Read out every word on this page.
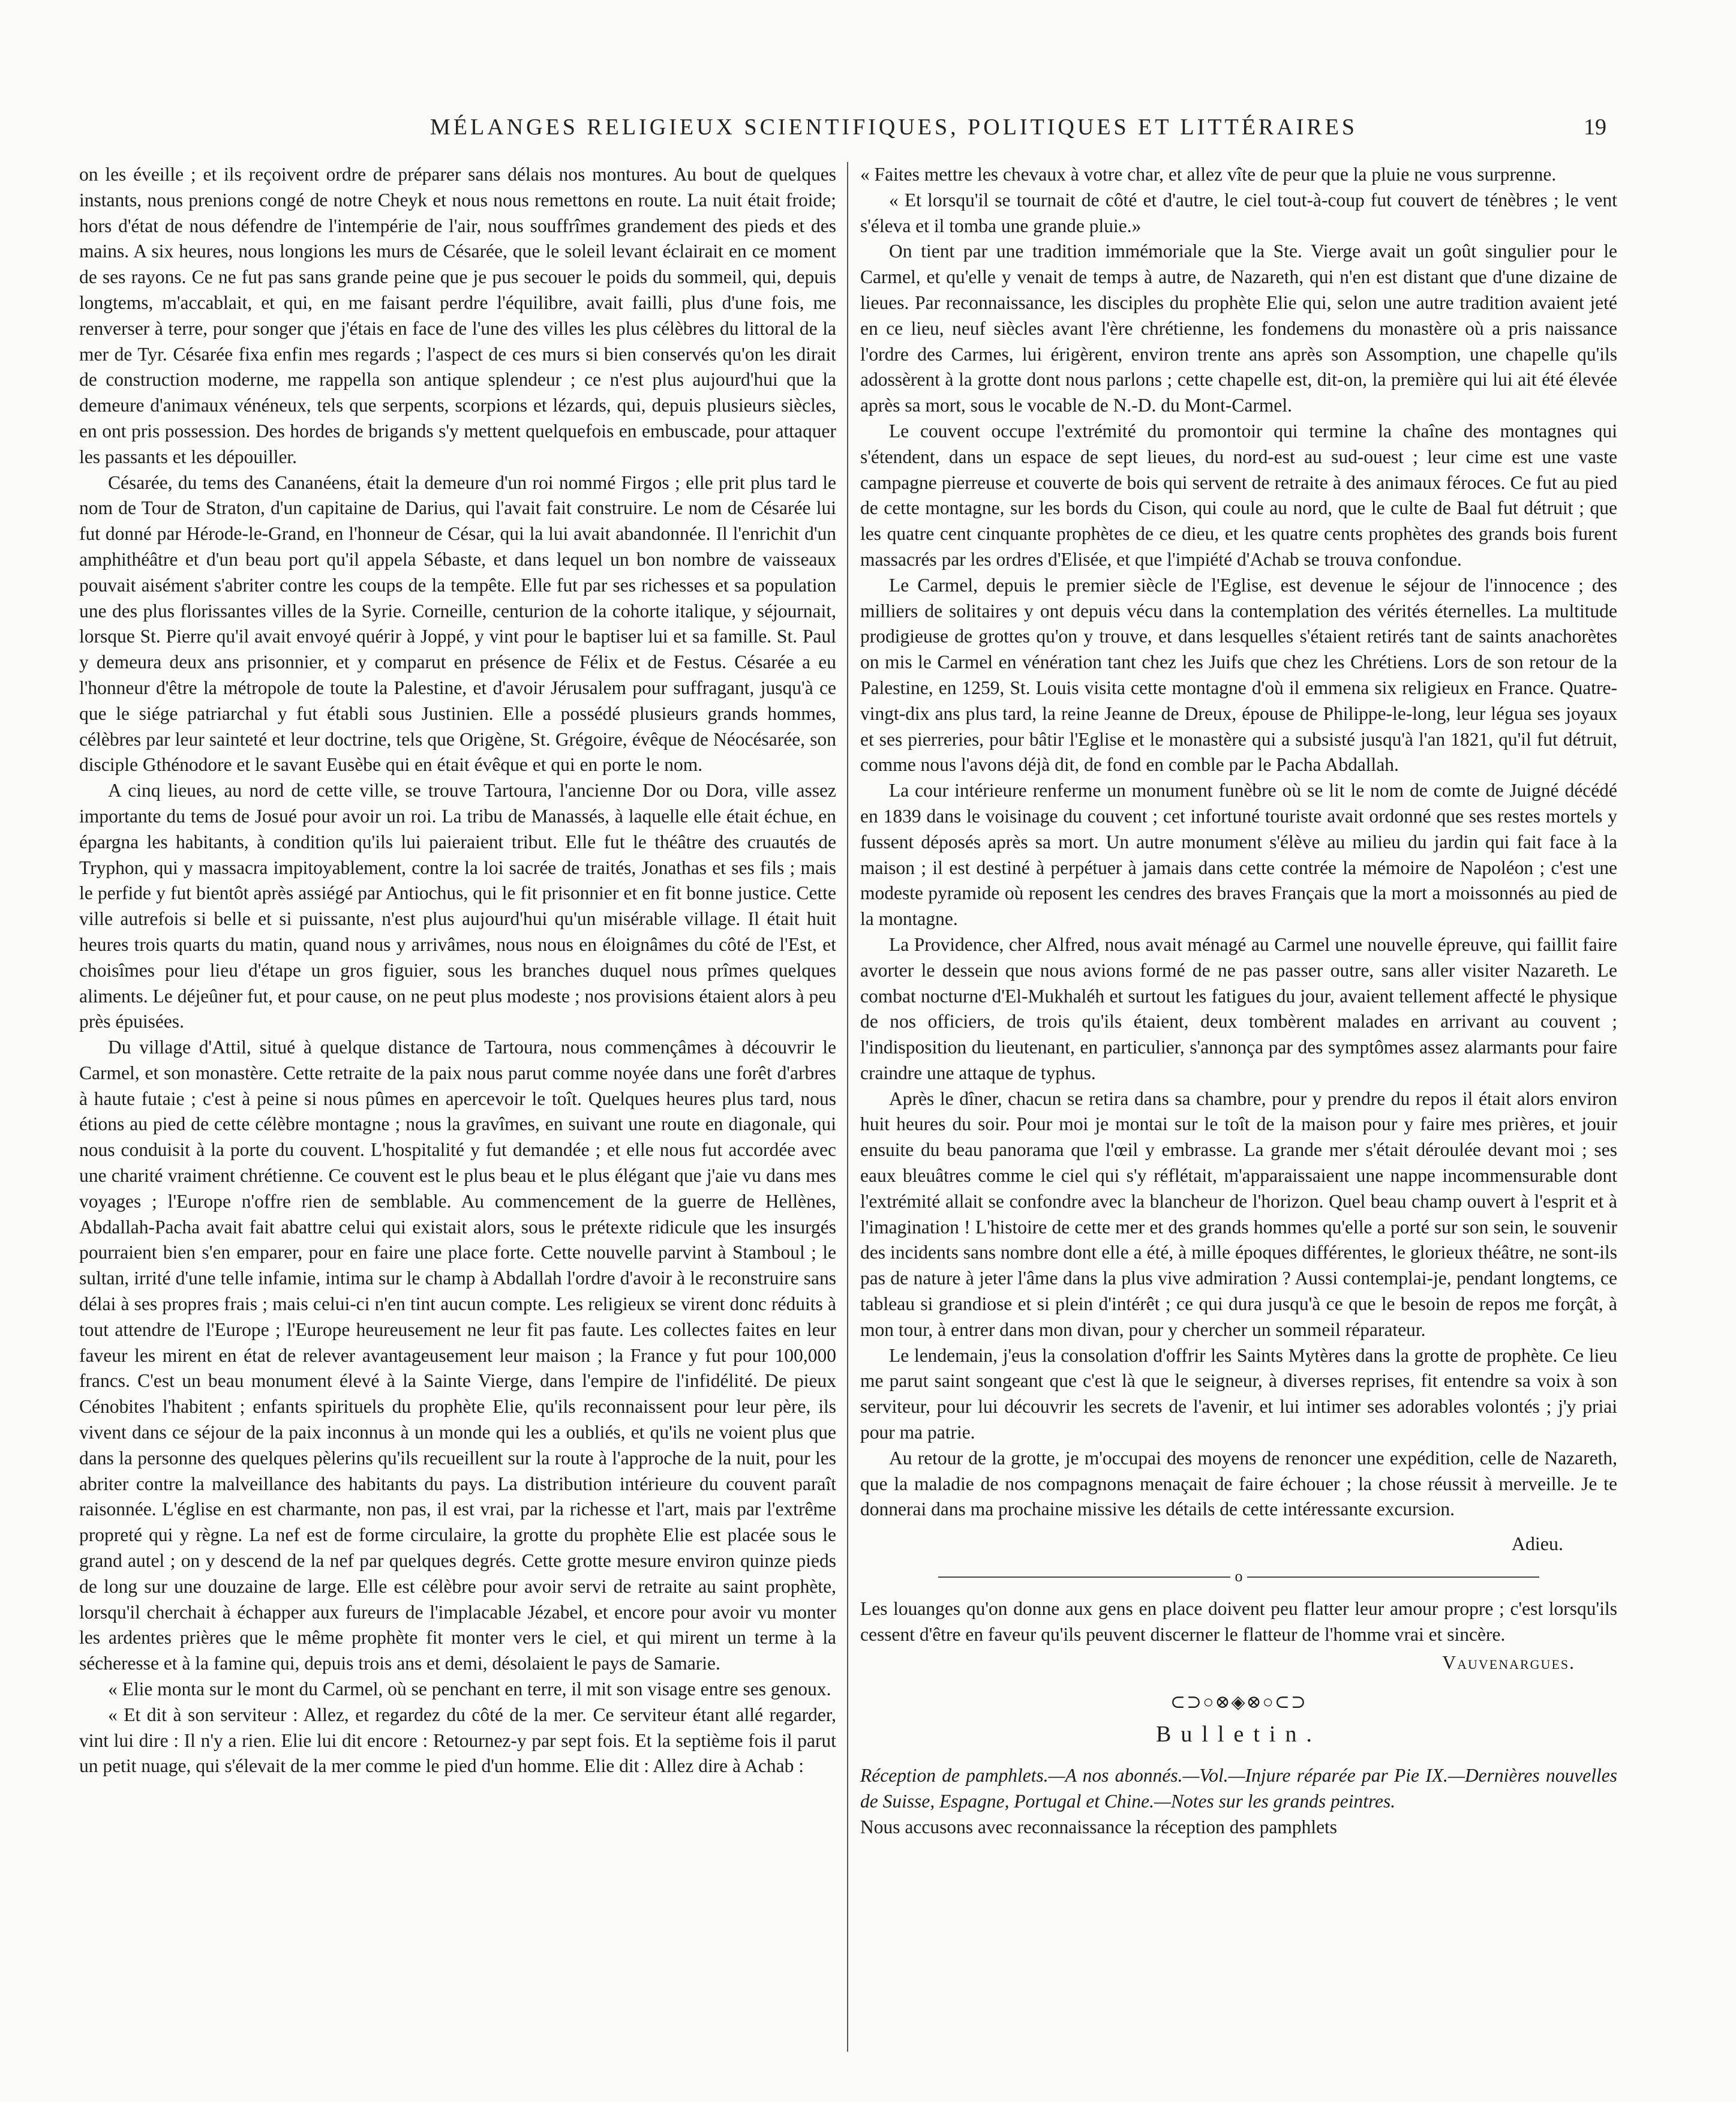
MÉLANGES RELIGIEUX SCIENTIFIQUES, POLITIQUES ET LITTÉRAIRES	19

on les éveille ; et ils reçoivent ordre de préparer sans délais nos montures. Au bout de quelques instants, nous prenions congé de notre Cheyk et nous nous remettons en route. La nuit était froide; hors d'état de nous défendre de l'intempérie de l'air, nous souffrîmes grandement des pieds et des mains. A six heures, nous longions les murs de Césarée, que le soleil levant éclairait en ce moment de ses rayons. Ce ne fut pas sans grande peine que je pus secouer le poids du sommeil, qui, depuis longtems, m'accablait, et qui, en me faisant perdre l'équilibre, avait failli, plus d'une fois, me renverser à terre, pour songer que j'étais en face de l'une des villes les plus célèbres du littoral de la mer de Tyr. Césarée fixa enfin mes regards ; l'aspect de ces murs si bien conservés qu'on les dirait de construction moderne, me rappella son antique splendeur ; ce n'est plus aujourd'hui que la demeure d'animaux vénéneux, tels que serpents, scorpions et lézards, qui, depuis plusieurs siècles, en ont pris possession. Des hordes de brigands s'y mettent quelquefois en embuscade, pour attaquer les passants et les dépouiller.

Césarée, du tems des Cananéens, était la demeure d'un roi nommé Firgos ; elle prit plus tard le nom de Tour de Straton, d'un capitaine de Darius, qui l'avait fait construire. Le nom de Césarée lui fut donné par Hérode-le-Grand, en l'honneur de César, qui la lui avait abandonnée. Il l'enrichit d'un amphithéâtre et d'un beau port qu'il appela Sébaste, et dans lequel un bon nombre de vaisseaux pouvait aisément s'abriter contre les coups de la tempête. Elle fut par ses richesses et sa population une des plus florissantes villes de la Syrie. Corneille, centurion de la cohorte italique, y séjournait, lorsque St. Pierre qu'il avait envoyé quérir à Joppé, y vint pour le baptiser lui et sa famille. St. Paul y demeura deux ans prisonnier, et y comparut en présence de Félix et de Festus. Césarée a eu l'honneur d'être la métropole de toute la Palestine, et d'avoir Jérusalem pour suffragant, jusqu'à ce que le siége patriarchal y fut établi sous Justinien. Elle a possédé plusieurs grands hommes, célèbres par leur sainteté et leur doctrine, tels que Origène, St. Grégoire, évêque de Néocésarée, son disciple Gthénodore et le savant Eusèbe qui en était évêque et qui en porte le nom.

A cinq lieues, au nord de cette ville, se trouve Tartoura, l'ancienne Dor ou Dora, ville assez importante du tems de Josué pour avoir un roi. La tribu de Manassés, à laquelle elle était échue, en épargna les habitants, à condition qu'ils lui paieraient tribut. Elle fut le théâtre des cruautés de Tryphon, qui y massacra impitoyablement, contre la loi sacrée de traités, Jonathas et ses fils ; mais le perfide y fut bientôt après assiégé par Antiochus, qui le fit prisonnier et en fit bonne justice. Cette ville autrefois si belle et si puissante, n'est plus aujourd'hui qu'un misérable village. Il était huit heures trois quarts du matin, quand nous y arrivâmes, nous nous en éloignâmes du côté de l'Est, et choisîmes pour lieu d'étape un gros figuier, sous les branches duquel nous prîmes quelques aliments. Le déjeûner fut, et pour cause, on ne peut plus modeste ; nos provisions étaient alors à peu près épuisées.

Du village d'Attil, situé à quelque distance de Tartoura, nous commençâmes à découvrir le Carmel, et son monastère. Cette retraite de la paix nous parut comme noyée dans une forêt d'arbres à haute futaie ; c'est à peine si nous pûmes en apercevoir le toît. Quelques heures plus tard, nous étions au pied de cette célèbre montagne ; nous la gravîmes, en suivant une route en diagonale, qui nous conduisit à la porte du couvent. L'hospitalité y fut demandée ; et elle nous fut accordée avec une charité vraiment chrétienne. Ce couvent est le plus beau et le plus élégant que j'aie vu dans mes voyages ; l'Europe n'offre rien de semblable. Au commencement de la guerre de Hellènes, Abdallah-Pacha avait fait abattre celui qui existait alors, sous le prétexte ridicule que les insurgés pourraient bien s'en emparer, pour en faire une place forte. Cette nouvelle parvint à Stamboul ; le sultan, irrité d'une telle infamie, intima sur le champ à Abdallah l'ordre d'avoir à le reconstruire sans délai à ses propres frais ; mais celui-ci n'en tint aucun compte. Les religieux se virent donc réduits à tout attendre de l'Europe ; l'Europe heureusement ne leur fit pas faute. Les collectes faites en leur faveur les mirent en état de relever avantageusement leur maison ; la France y fut pour 100,000 francs. C'est un beau monument élevé à la Sainte Vierge, dans l'empire de l'infidélité. De pieux Cénobites l'habitent ; enfants spirituels du prophète Elie, qu'ils reconnaissent pour leur père, ils vivent dans ce séjour de la paix inconnus à un monde qui les a oubliés, et qu'ils ne voient plus que dans la personne des quelques pèlerins qu'ils recueillent sur la route à l'approche de la nuit, pour les abriter contre la malveillance des habitants du pays. La distribution intérieure du couvent paraît raisonnée. L'église en est charmante, non pas, il est vrai, par la richesse et l'art, mais par l'extrême propreté qui y règne. La nef est de forme circulaire, la grotte du prophète Elie est placée sous le grand autel ; on y descend de la nef par quelques degrés. Cette grotte mesure environ quinze pieds de long sur une douzaine de large. Elle est célèbre pour avoir servi de retraite au saint prophète, lorsqu'il cherchait à échapper aux fureurs de l'implacable Jézabel, et encore pour avoir vu monter les ardentes prières que le même prophète fit monter vers le ciel, et qui mirent un terme à la sécheresse et à la famine qui, depuis trois ans et demi, désolaient le pays de Samarie.

« Elie monta sur le mont du Carmel, où se penchant en terre, il mit son visage entre ses genoux.

« Et dit à son serviteur : Allez, et regardez du côté de la mer. Ce serviteur étant allé regarder, vint lui dire : Il n'y a rien. Elie lui dit encore : Retournez-y par sept fois. Et la septième fois il parut un petit nuage, qui s'élevait de la mer comme le pied d'un homme. Elie dit : Allez dire à Achab :

« Faites mettre les chevaux à votre char, et allez vîte de peur que la pluie ne vous surprenne.

« Et lorsqu'il se tournait de côté et d'autre, le ciel tout-à-coup fut couvert de ténèbres ; le vent s'éleva et il tomba une grande pluie.»

On tient par une tradition immémoriale que la Ste. Vierge avait un goût singulier pour le Carmel, et qu'elle y venait de temps à autre, de Nazareth, qui n'en est distant que d'une dizaine de lieues. Par reconnaissance, les disciples du prophète Elie qui, selon une autre tradition avaient jeté en ce lieu, neuf siècles avant l'ère chrétienne, les fondemens du monastère où a pris naissance l'ordre des Carmes, lui érigèrent, environ trente ans après son Assomption, une chapelle qu'ils adossèrent à la grotte dont nous parlons ; cette chapelle est, dit-on, la première qui lui ait été élevée après sa mort, sous le vocable de N.-D. du Mont-Carmel.

Le couvent occupe l'extrémité du promontoir qui termine la chaîne des montagnes qui s'étendent, dans un espace de sept lieues, du nord-est au sud-ouest ; leur cime est une vaste campagne pierreuse et couverte de bois qui servent de retraite à des animaux féroces. Ce fut au pied de cette montagne, sur les bords du Cison, qui coule au nord, que le culte de Baal fut détruit ; que les quatre cent cinquante prophètes de ce dieu, et les quatre cents prophètes des grands bois furent massacrés par les ordres d'Elisée, et que l'impiété d'Achab se trouva confondue.

Le Carmel, depuis le premier siècle de l'Eglise, est devenue le séjour de l'innocence ; des milliers de solitaires y ont depuis vécu dans la contemplation des vérités éternelles. La multitude prodigieuse de grottes qu'on y trouve, et dans lesquelles s'étaient retirés tant de saints anachorètes on mis le Carmel en vénération tant chez les Juifs que chez les Chrétiens. Lors de son retour de la Palestine, en 1259, St. Louis visita cette montagne d'où il emmena six religieux en France. Quatre-vingt-dix ans plus tard, la reine Jeanne de Dreux, épouse de Philippe-le-long, leur légua ses joyaux et ses pierreries, pour bâtir l'Eglise et le monastère qui a subsisté jusqu'à l'an 1821, qu'il fut détruit, comme nous l'avons déjà dit, de fond en comble par le Pacha Abdallah.

La cour intérieure renferme un monument funèbre où se lit le nom de comte de Juigné décédé en 1839 dans le voisinage du couvent ; cet infortuné touriste avait ordonné que ses restes mortels y fussent déposés après sa mort. Un autre monument s'élève au milieu du jardin qui fait face à la maison ; il est destiné à perpétuer à jamais dans cette contrée la mémoire de Napoléon ; c'est une modeste pyramide où reposent les cendres des braves Français que la mort a moissonnés au pied de la montagne.

La Providence, cher Alfred, nous avait ménagé au Carmel une nouvelle épreuve, qui faillit faire avorter le dessein que nous avions formé de ne pas passer outre, sans aller visiter Nazareth. Le combat nocturne d'El-Mukhaléh et surtout les fatigues du jour, avaient tellement affecté le physique de nos officiers, de trois qu'ils étaient, deux tombèrent malades en arrivant au couvent ; l'indisposition du lieutenant, en particulier, s'annonça par des symptômes assez alarmants pour faire craindre une attaque de typhus.

Après le dîner, chacun se retira dans sa chambre, pour y prendre du repos il était alors environ huit heures du soir. Pour moi je montai sur le toît de la maison pour y faire mes prières, et jouir ensuite du beau panorama que l'œil y embrasse. La grande mer s'était déroulée devant moi ; ses eaux bleuâtres comme le ciel qui s'y réflétait, m'apparaissaient une nappe incommensurable dont l'extrémité allait se confondre avec la blancheur de l'horizon. Quel beau champ ouvert à l'esprit et à l'imagination ! L'histoire de cette mer et des grands hommes qu'elle a porté sur son sein, le souvenir des incidents sans nombre dont elle a été, à mille époques différentes, le glorieux théâtre, ne sont-ils pas de nature à jeter l'âme dans la plus vive admiration ? Aussi contemplai-je, pendant longtems, ce tableau si grandiose et si plein d'intérêt ; ce qui dura jusqu'à ce que le besoin de repos me forçât, à mon tour, à entrer dans mon divan, pour y chercher un sommeil réparateur.

Le lendemain, j'eus la consolation d'offrir les Saints Mytères dans la grotte de prophète. Ce lieu me parut saint songeant que c'est là que le seigneur, à diverses reprises, fit entendre sa voix à son serviteur, pour lui découvrir les secrets de l'avenir, et lui intimer ses adorables volontés ; j'y priai pour ma patrie.

Au retour de la grotte, je m'occupai des moyens de renoncer une expédition, celle de Nazareth, que la maladie de nos compagnons menaçait de faire échouer ; la chose réussit à merveille. Je te donnerai dans ma prochaine missive les détails de cette intéressante excursion.

Adieu.
o

Les louanges qu'on donne aux gens en place doivent peu flatter leur amour propre ; c'est lorsqu'ils cessent d'être en faveur qu'ils peuvent discerner le flatteur de l'homme vrai et sincère.

Vauvenargues.
⊂⊃○⊗◈⊗○⊂⊃
Bulletin.

Réception de pamphlets.—A nos abonnés.—Vol.—Injure réparée par Pie IX.—Dernières nouvelles de Suisse, Espagne, Portugal et Chine.—Notes sur les grands peintres.

Nous accusons avec reconnaissance la réception des pamphlets
